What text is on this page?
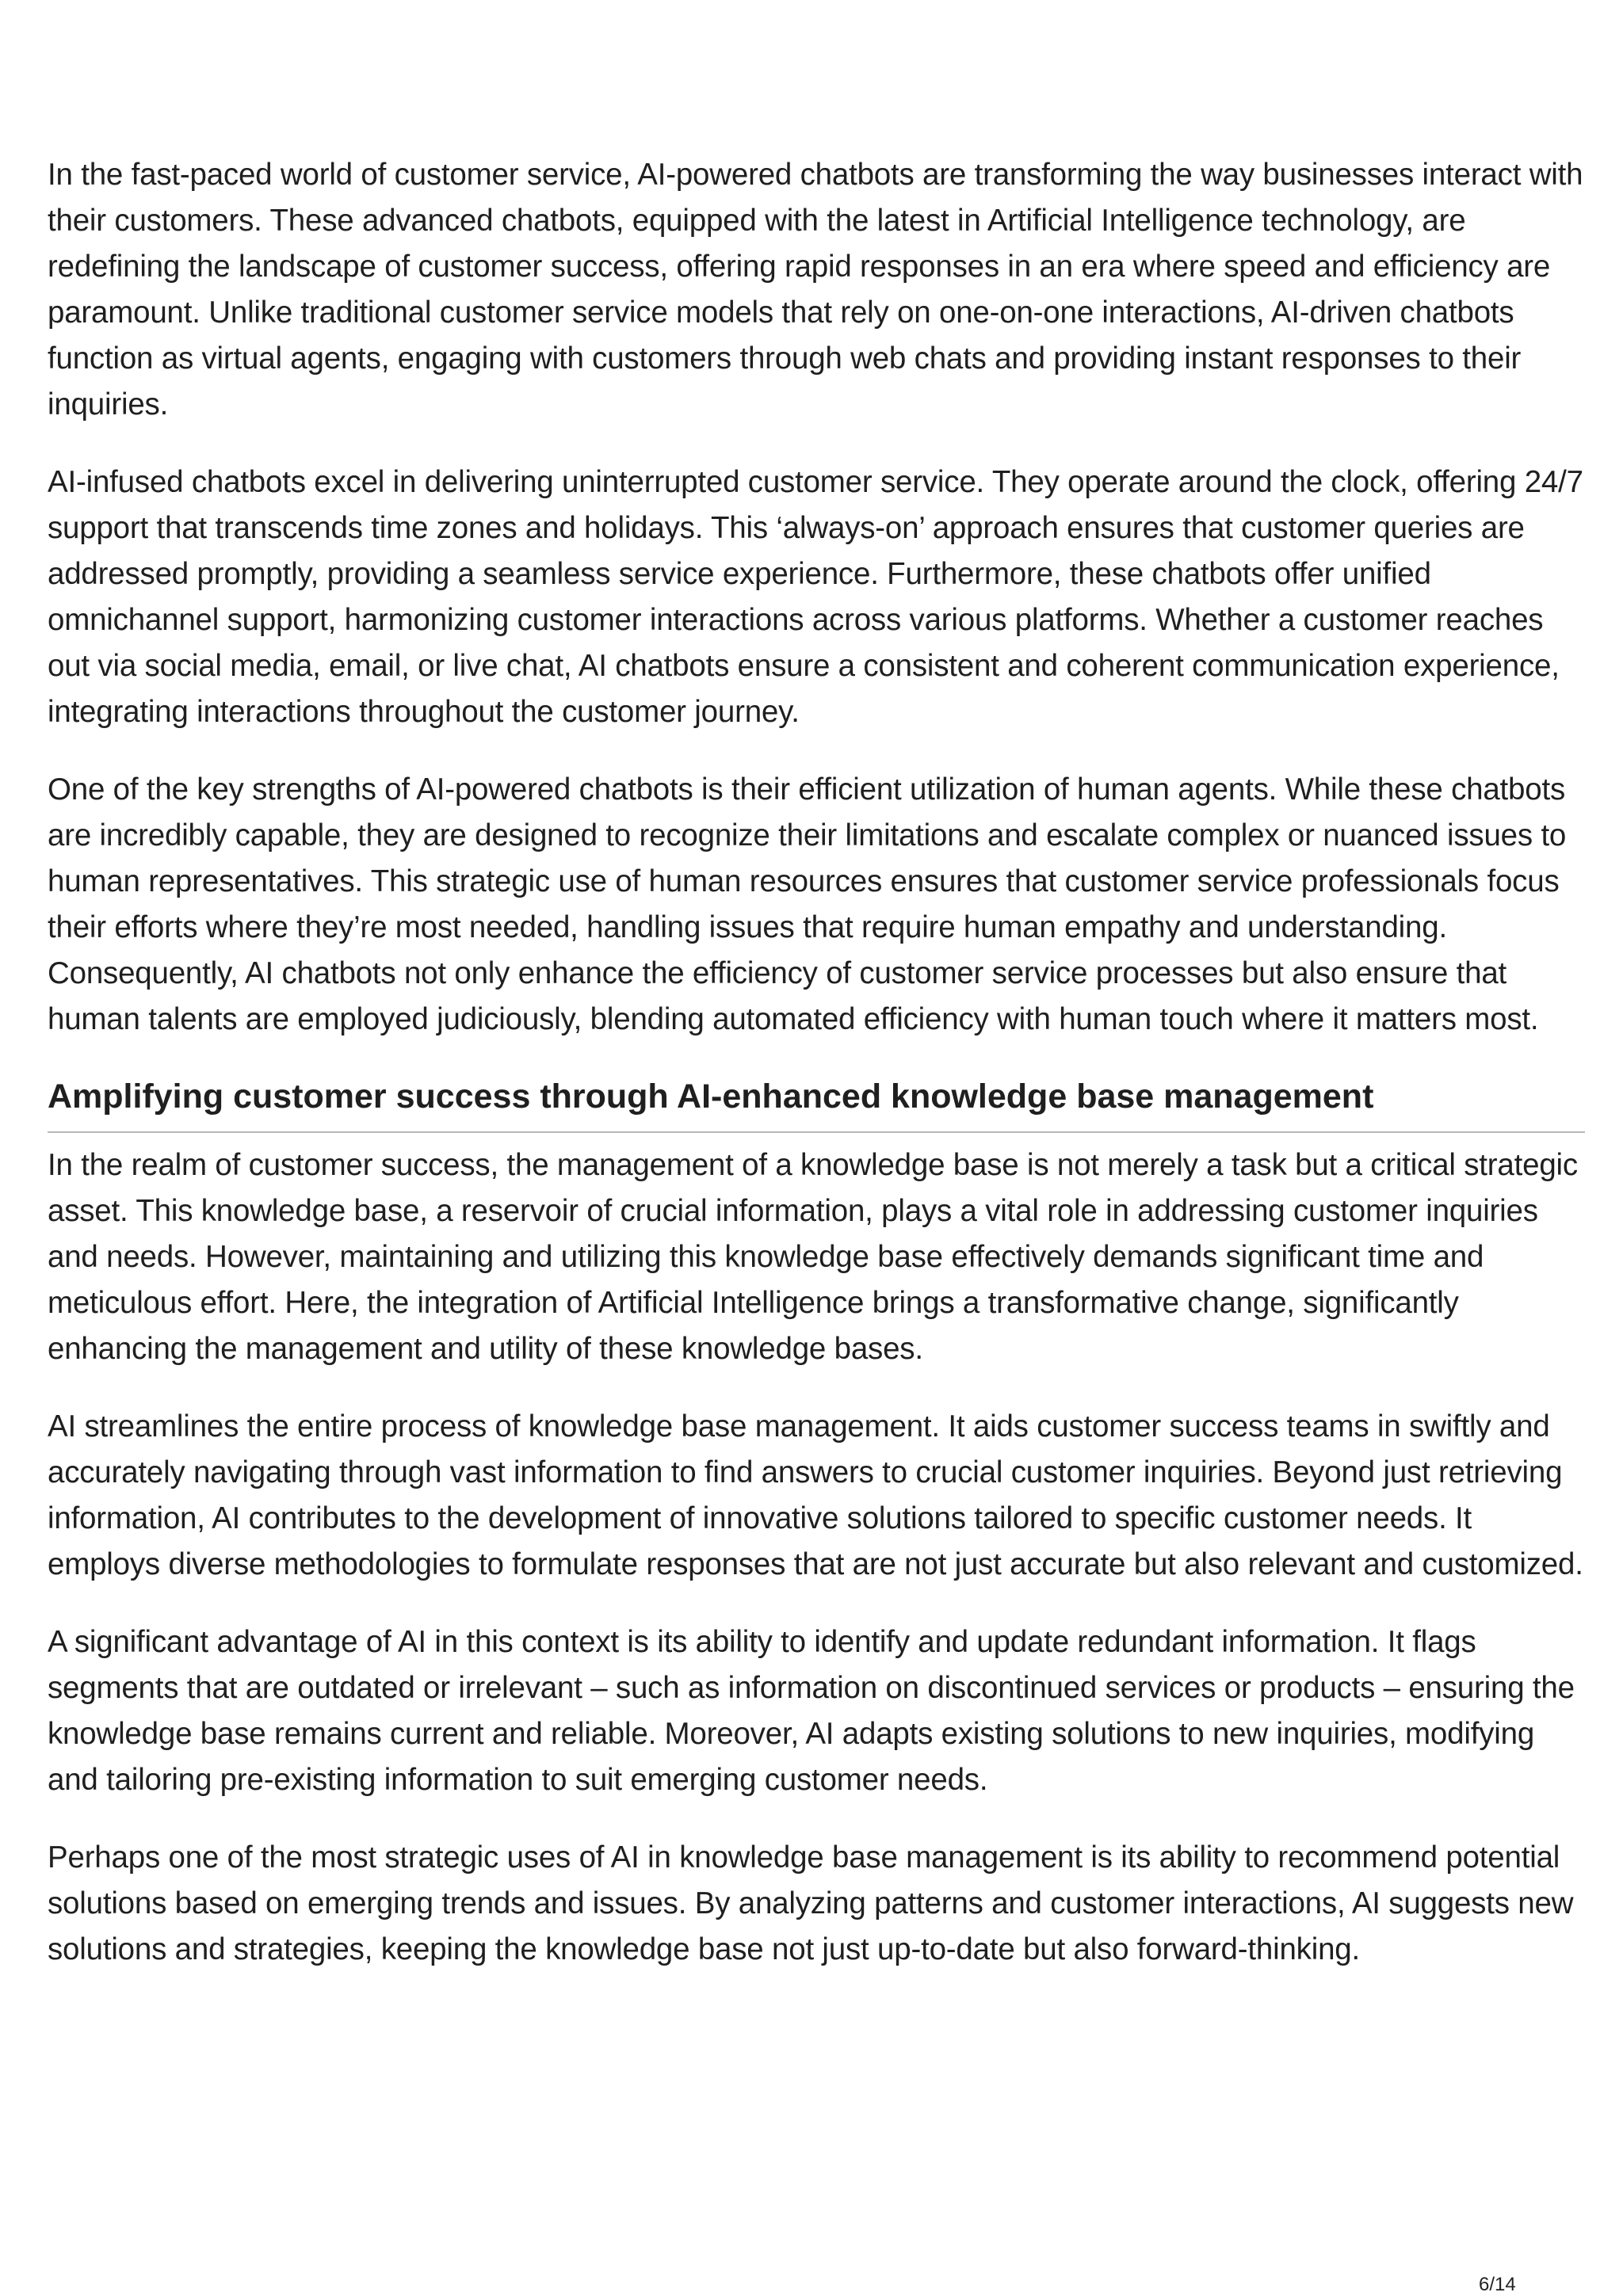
In the fast-paced world of customer service, AI-powered chatbots are transforming the way businesses interact with their customers. These advanced chatbots, equipped with the latest in Artificial Intelligence technology, are redefining the landscape of customer success, offering rapid responses in an era where speed and efficiency are paramount. Unlike traditional customer service models that rely on one-on-one interactions, AI-driven chatbots function as virtual agents, engaging with customers through web chats and providing instant responses to their inquiries.

AI-infused chatbots excel in delivering uninterrupted customer service. They operate around the clock, offering 24/7 support that transcends time zones and holidays. This ‘always-on’ approach ensures that customer queries are addressed promptly, providing a seamless service experience. Furthermore, these chatbots offer unified omnichannel support, harmonizing customer interactions across various platforms. Whether a customer reaches out via social media, email, or live chat, AI chatbots ensure a consistent and coherent communication experience, integrating interactions throughout the customer journey.

One of the key strengths of AI-powered chatbots is their efficient utilization of human agents. While these chatbots are incredibly capable, they are designed to recognize their limitations and escalate complex or nuanced issues to human representatives. This strategic use of human resources ensures that customer service professionals focus their efforts where they’re most needed, handling issues that require human empathy and understanding. Consequently, AI chatbots not only enhance the efficiency of customer service processes but also ensure that human talents are employed judiciously, blending automated efficiency with human touch where it matters most.

Amplifying customer success through AI-enhanced knowledge base management

In the realm of customer success, the management of a knowledge base is not merely a task but a critical strategic asset. This knowledge base, a reservoir of crucial information, plays a vital role in addressing customer inquiries and needs. However, maintaining and utilizing this knowledge base effectively demands significant time and meticulous effort. Here, the integration of Artificial Intelligence brings a transformative change, significantly enhancing the management and utility of these knowledge bases.

AI streamlines the entire process of knowledge base management. It aids customer success teams in swiftly and accurately navigating through vast information to find answers to crucial customer inquiries. Beyond just retrieving information, AI contributes to the development of innovative solutions tailored to specific customer needs. It employs diverse methodologies to formulate responses that are not just accurate but also relevant and customized.

A significant advantage of AI in this context is its ability to identify and update redundant information. It flags segments that are outdated or irrelevant – such as information on discontinued services or products – ensuring the knowledge base remains current and reliable. Moreover, AI adapts existing solutions to new inquiries, modifying and tailoring pre-existing information to suit emerging customer needs.

Perhaps one of the most strategic uses of AI in knowledge base management is its ability to recommend potential solutions based on emerging trends and issues. By analyzing patterns and customer interactions, AI suggests new solutions and strategies, keeping the knowledge base not just up-to-date but also forward-thinking.

6/14
